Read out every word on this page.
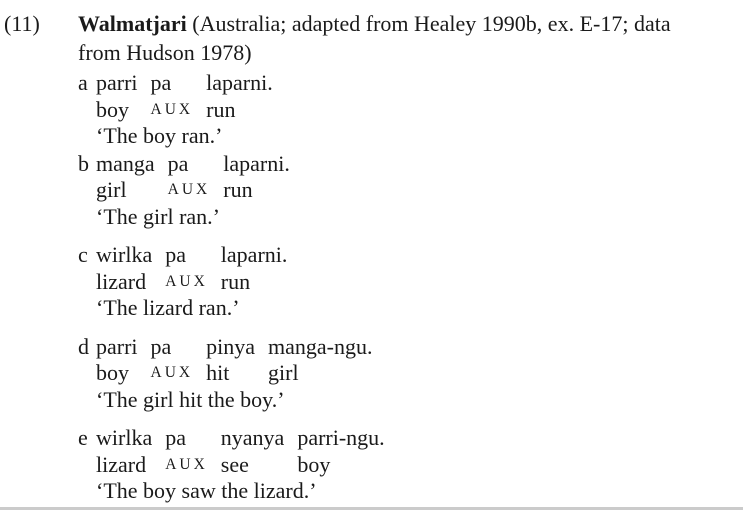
(11)	Walmatjari (Australia; adapted from Healey 1990b, ex. E-17; data
from Hudson 1978)
a parri
boy
pa
AUX
laparni.
run
‘The boy ran.’
b manga
girl
pa
AUX
laparni.
run
‘The girl ran.’
c wirlka
lizard
pa
AUX
laparni.
run
‘The lizard ran.’
d parri
boy
pa
AUX
pinya
hit
manga-ngu.
girl
‘The girl hit the boy.’
e wirlka
lizard
pa
AUX
nyanya
see
parri-ngu.
boy
‘The boy saw the lizard.’
